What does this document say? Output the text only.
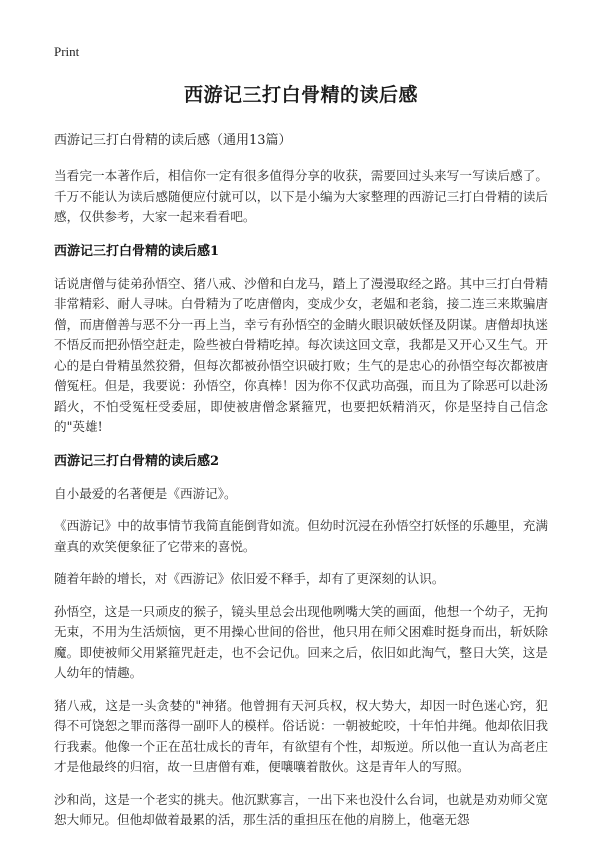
Print
西游记三打白骨精的读后感
西游记三打白骨精的读后感（通用13篇）

当看完一本著作后，相信你一定有很多值得分享的收获，需要回过头来写一写读后感了。千万不能认为读后感随便应付就可以，以下是小编为大家整理的西游记三打白骨精的读后感，仅供参考，大家一起来看看吧。

西游记三打白骨精的读后感1

话说唐僧与徒弟孙悟空、猪八戒、沙僧和白龙马，踏上了漫漫取经之路。其中三打白骨精非常精彩、耐人寻味。白骨精为了吃唐僧肉，变成少女，老媪和老翁，接二连三来欺骗唐僧，而唐僧善与恶不分一再上当，幸亏有孙悟空的金睛火眼识破妖怪及阴谋。唐僧却执迷不悟反而把孙悟空赶走，险些被白骨精吃掉。每次读这回文章，我都是又开心又生气。开心的是白骨精虽然狡猾，但每次都被孙悟空识破打败；生气的是忠心的孙悟空每次都被唐僧冤枉。但是，我要说：孙悟空，你真棒！因为你不仅武功高强，而且为了除恶可以赴汤蹈火，不怕受冤枉受委屈，即使被唐僧念紧箍咒，也要把妖精消灭，你是坚持自己信念的"英雄!

西游记三打白骨精的读后感2

自小最爱的名著便是《西游记》。

《西游记》中的故事情节我简直能倒背如流。但幼时沉浸在孙悟空打妖怪的乐趣里，充满童真的欢笑便象征了它带来的喜悦。

随着年龄的增长，对《西游记》依旧爱不释手，却有了更深刻的认识。

孙悟空，这是一只顽皮的猴子，镜头里总会出现他咧嘴大笑的画面，他想一个幼子，无拘无束，不用为生活烦恼，更不用操心世间的俗世，他只用在师父困难时挺身而出，斩妖除魔。即使被师父用紧箍咒赶走，也不会记仇。回来之后，依旧如此淘气，整日大笑，这是人幼年的情趣。

猪八戒，这是一头贪婪的"神猪。他曾拥有天河兵权，权大势大，却因一时色迷心窍，犯得不可饶恕之罪而落得一副吓人的模样。俗话说：一朝被蛇咬，十年怕井绳。他却依旧我行我素。他像一个正在茁壮成长的青年，有欲望有个性，却叛逆。所以他一直认为高老庄才是他最终的归宿，故一旦唐僧有难，便嚷嚷着散伙。这是青年人的写照。

沙和尚，这是一个老实的挑夫。他沉默寡言，一出下来也没什么台词，也就是劝劝师父宽恕大师兄。但他却做着最累的活，那生活的重担压在他的肩膀上，他毫无怨
